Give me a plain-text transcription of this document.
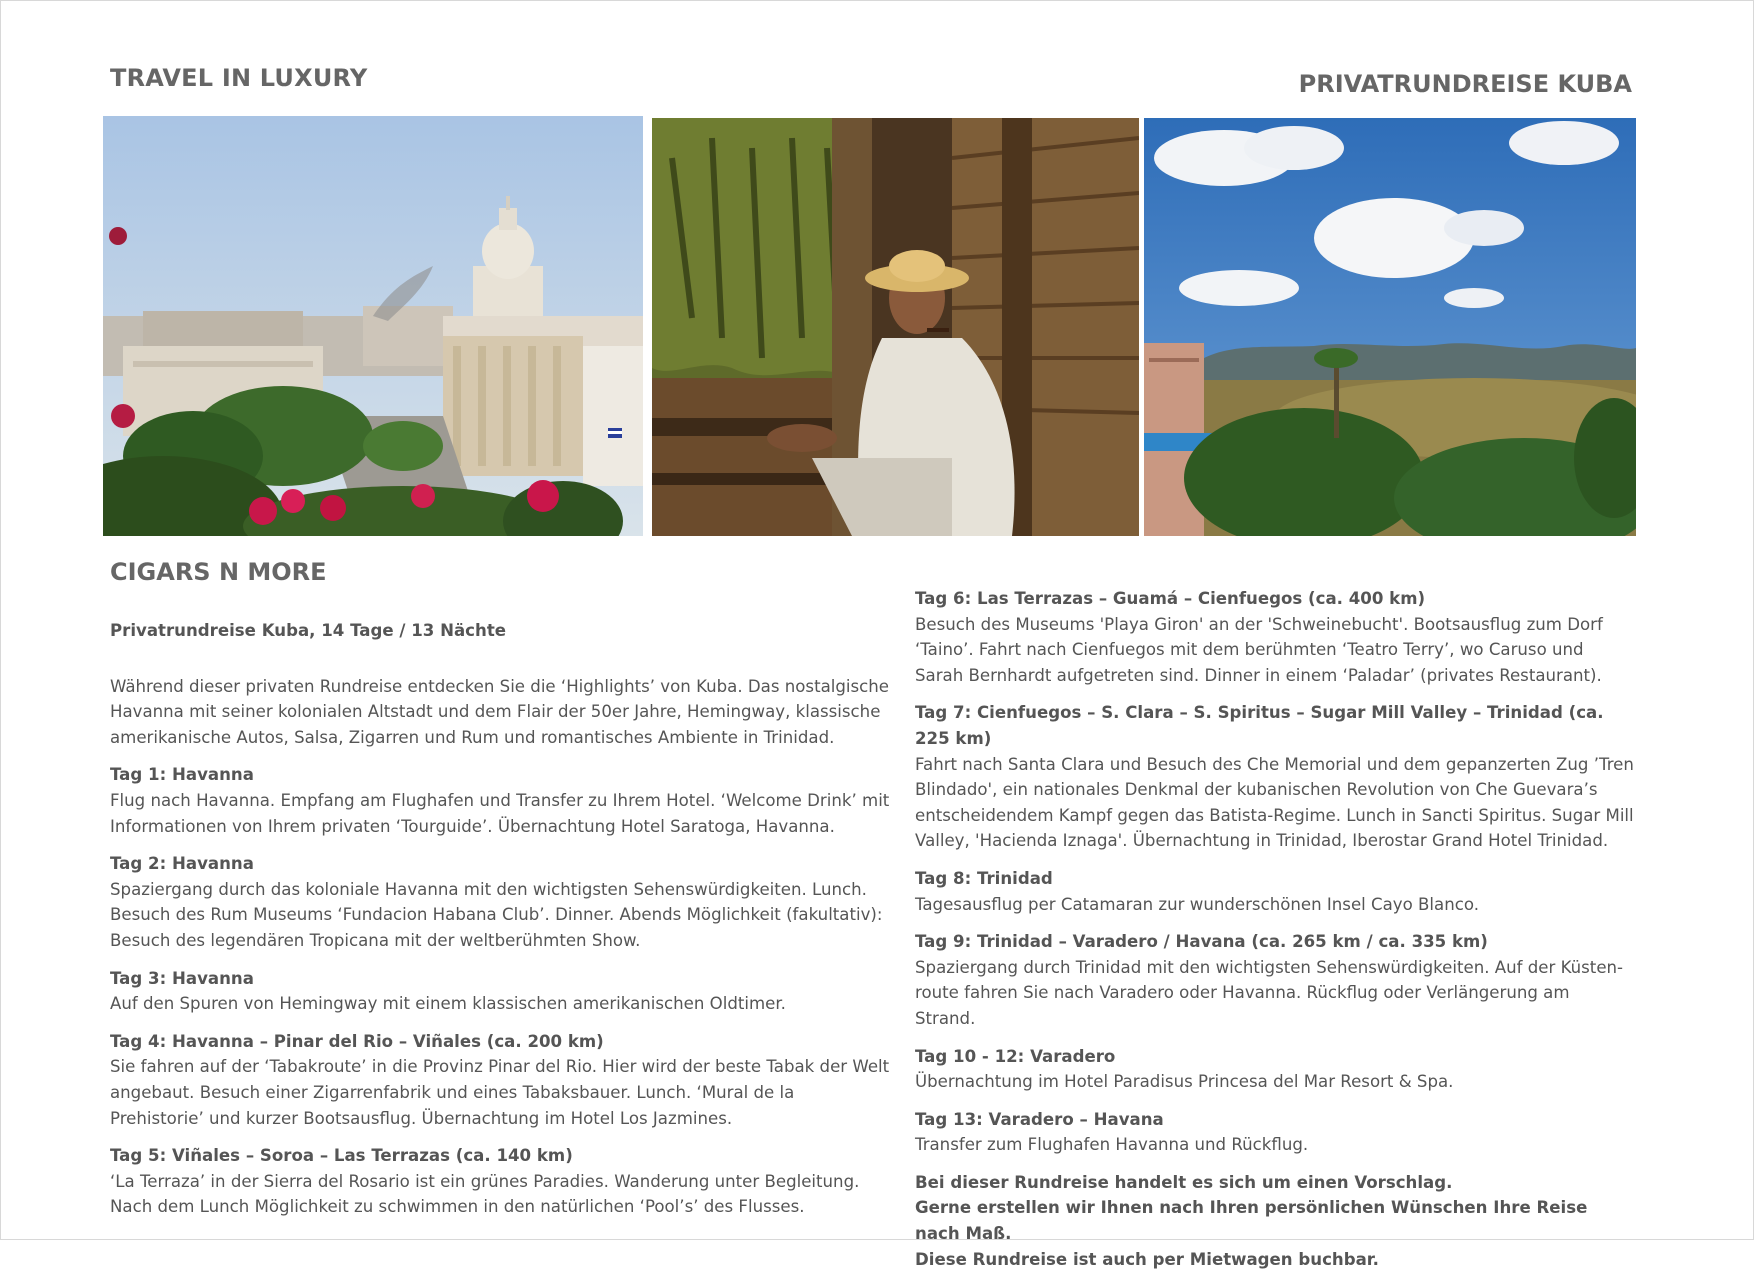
TRAVEL IN LUXURY	PRIVATRUNDREISE KUBA
CIGARS N MORE
Privatrundreise Kuba, 14 Tage / 13 Nächte
Während dieser privaten Rundreise entdecken Sie die ‘Highlights’ von Kuba. Das nostalgische Havanna mit seiner kolonialen Altstadt und dem Flair der 50er Jahre, Hemingway, klassische amerikanische Autos, Salsa, Zigarren und Rum und romantisches Ambiente in Trinidad.
Tag 1: Havanna
Flug nach Havanna. Empfang am Flughafen und Transfer zu Ihrem Hotel. ‘Welcome Drink’ mit Informationen von Ihrem privaten ‘Tourguide’. Übernachtung Hotel Saratoga, Havanna.
Tag 2: Havanna
Spaziergang durch das koloniale Havanna mit den wichtigsten Sehenswürdigkeiten. Lunch. Besuch des Rum Museums ‘Fundacion Habana Club’. Dinner. Abends Möglichkeit (fakultativ): Besuch des legendären Tropicana mit der weltberühmten Show.
Tag 3: Havanna
Auf den Spuren von Hemingway mit einem klassischen amerikanischen Oldtimer.
Tag 4: Havanna – Pinar del Rio – Viñales (ca. 200 km)
Sie fahren auf der ‘Tabakroute’ in die Provinz Pinar del Rio. Hier wird der beste Tabak der Welt angebaut. Besuch einer Zigarrenfabrik und eines Tabaksbauer. Lunch. ‘Mural de la Prehistorie’ und kurzer Bootsausflug. Übernachtung im Hotel Los Jazmines.
Tag 5: Viñales – Soroa – Las Terrazas (ca. 140 km)
‘La Terraza’ in der Sierra del Rosario ist ein grünes Paradies. Wanderung unter Begleitung. Nach dem Lunch Möglichkeit zu schwimmen in den natürlichen ‘Pool’s’ des Flusses.
Tag 6: Las Terrazas – Guamá – Cienfuegos (ca. 400 km)
Besuch des Museums 'Playa Giron' an der 'Schweinebucht'. Bootsausflug zum Dorf ‘Taino’. Fahrt nach Cienfuegos mit dem berühmten ‘Teatro Terry’, wo Caruso und Sarah Bernhardt aufgetreten sind. Dinner in einem ‘Paladar’ (privates Restaurant).
Tag 7: Cienfuegos – S. Clara – S. Spiritus – Sugar Mill Valley – Trinidad (ca. 225 km)
Fahrt nach Santa Clara und Besuch des Che Memorial und dem gepanzerten Zug ’Tren Blindado', ein nationales Denkmal der kubanischen Revolution von Che Guevara’s entscheidendem Kampf gegen das Batista-Regime. Lunch in Sancti Spiritus. Sugar Mill Valley, 'Hacienda Iznaga'. Übernachtung in Trinidad, Iberostar Grand Hotel Trinidad.
Tag 8: Trinidad
Tagesausflug per Catamaran zur wunderschönen Insel Cayo Blanco.
Tag 9: Trinidad – Varadero / Havana (ca. 265 km / ca. 335 km)
Spaziergang durch Trinidad mit den wichtigsten Sehenswürdigkeiten. Auf der Küsten-route fahren Sie nach Varadero oder Havanna. Rückflug oder Verlängerung am Strand.
Tag 10 - 12: Varadero
Übernachtung im Hotel Paradisus Princesa del Mar Resort & Spa.
Tag 13: Varadero – Havana
Transfer zum Flughafen Havanna und Rückflug.
Bei dieser Rundreise handelt es sich um einen Vorschlag.
Gerne erstellen wir Ihnen nach Ihren persönlichen Wünschen Ihre Reise nach Maß.
Diese Rundreise ist auch per Mietwagen buchbar.
